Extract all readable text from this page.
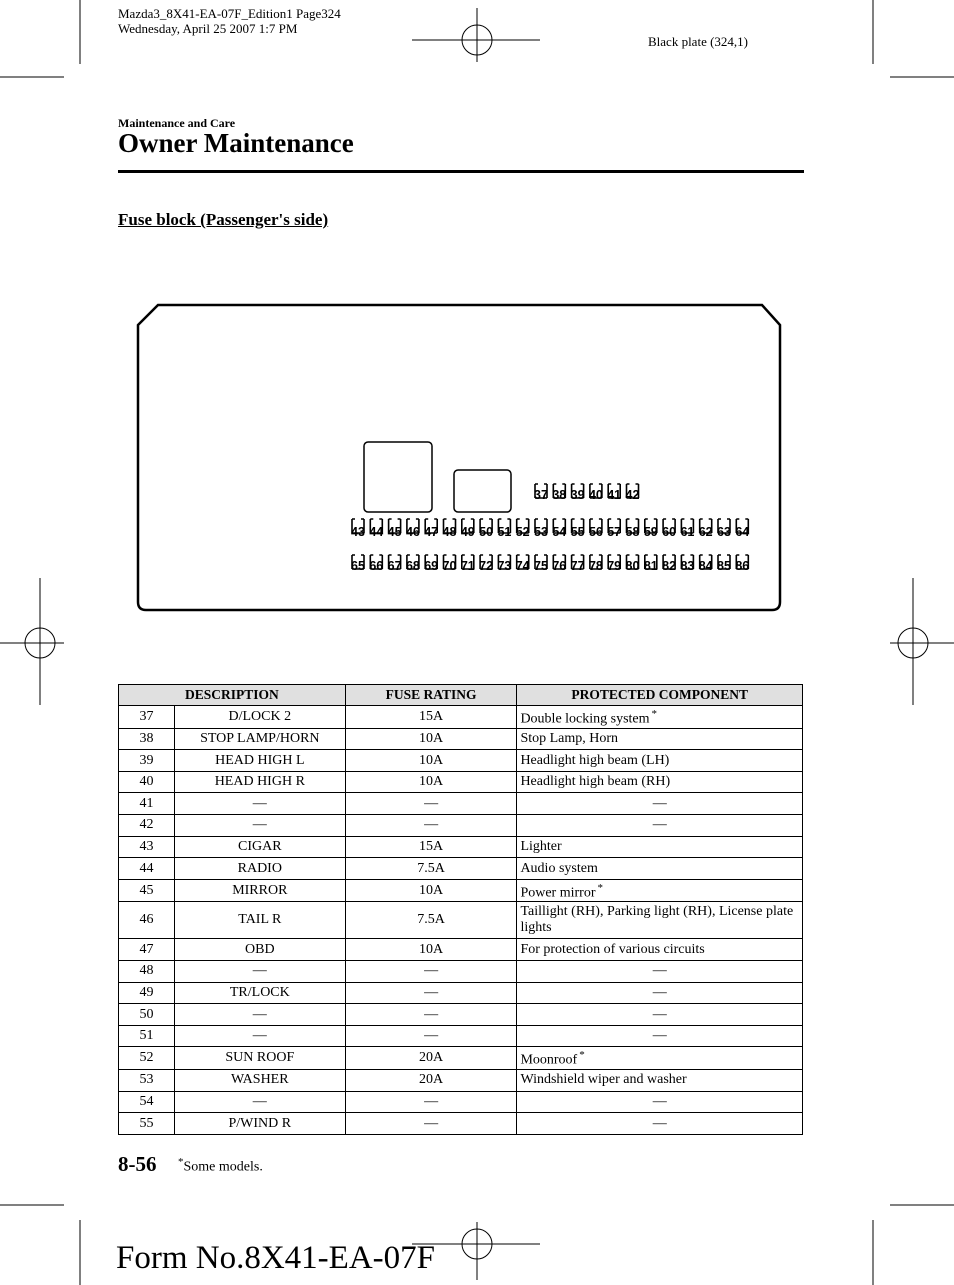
Mazda3_8X41-EA-07F_Edition1 Page324
Wednesday, April 25 2007 1:7 PM
Black plate (324,1)
Maintenance and Care
Owner Maintenance
Fuse block (Passenger's side)
37 38 39 40 41 42
43 44 45 46 47 48 49 50 51 52 53 54 55 56 57 58 59 60 61 62 63 64
65 66 67 68 69 70 71 72 73 74 75 76 77 78 79 80 81 82 83 84 85 86
DESCRIPTION		FUSE RATING	PROTECTED COMPONENT
37	D/LOCK 2	15A	Double locking system *
38	STOP LAMP/HORN	10A	Stop Lamp, Horn
39	HEAD HIGH L	10A	Headlight high beam (LH)
40	HEAD HIGH R	10A	Headlight high beam (RH)
41	—	—	—
42	—	—	—
43	CIGAR	15A	Lighter
44	RADIO	7.5A	Audio system
45	MIRROR	10A	Power mirror *
46	TAIL R	7.5A	Taillight (RH), Parking light (RH), License plate lights
47	OBD	10A	For protection of various circuits
48	—	—	—
49	TR/LOCK	—	—
50	—	—	—
51	—	—	—
52	SUN ROOF	20A	Moonroof *
53	WASHER	20A	Windshield wiper and washer
54	—	—	—
55	P/WIND R	—	—
8-56 *Some models.
Form No.8X41-EA-07F
